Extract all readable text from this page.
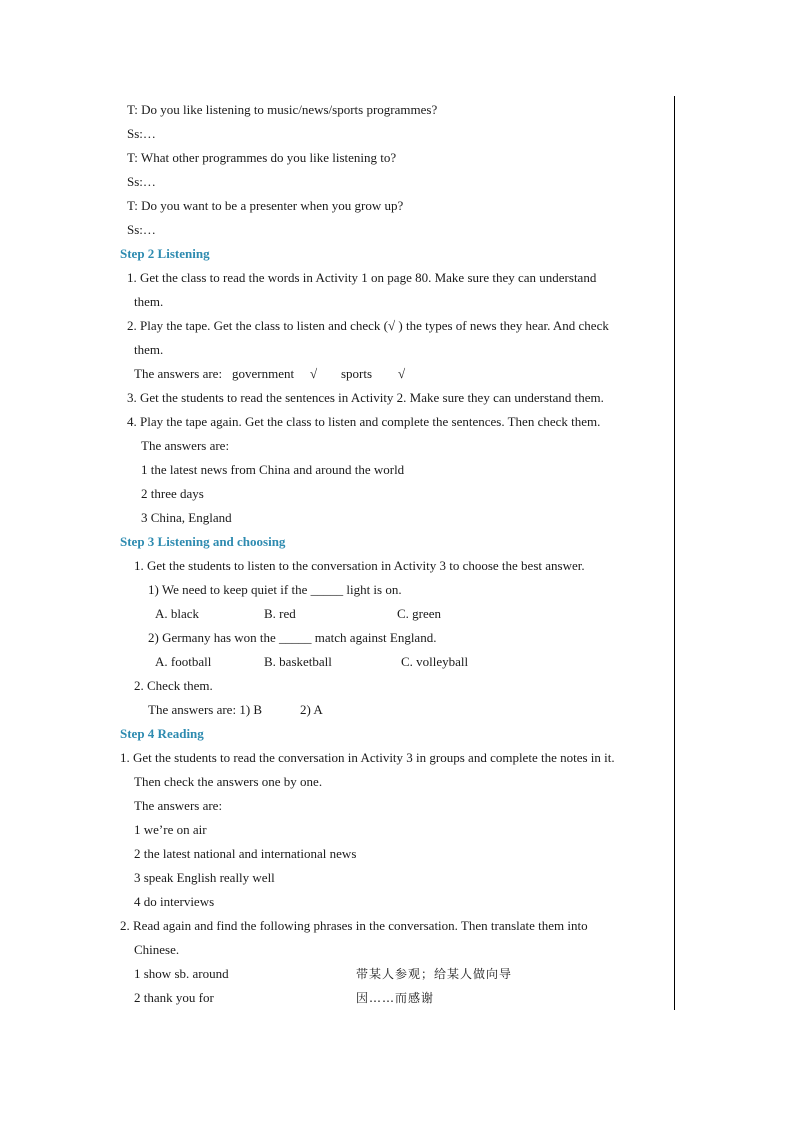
T: Do you like listening to music/news/sports programmes?
Ss:…
T: What other programmes do you like listening to?
Ss:…
T: Do you want to be a presenter when you grow up?
Ss:…
Step 2 Listening
1. Get the class to read the words in Activity 1 on page 80. Make sure they can understand
them.
2. Play the tape. Get the class to listen and check (√ ) the types of news they hear. And check
them.
The answers are: government √ sports √
3. Get the students to read the sentences in Activity 2. Make sure they can understand them.
4. Play the tape again. Get the class to listen and complete the sentences. Then check them.
The answers are:
1 the latest news from China and around the world
2 three days
3 China, England
Step 3 Listening and choosing
1. Get the students to listen to the conversation in Activity 3 to choose the best answer.
1) We need to keep quiet if the _____ light is on.
A. black	B. red	C. green
2) Germany has won the _____ match against England.
A. football	B. basketball	C. volleyball
2. Check them.
The answers are: 1) B	2) A
Step 4 Reading
1. Get the students to read the conversation in Activity 3 in groups and complete the notes in it.
Then check the answers one by one.
The answers are:
1 we’re on air
2 the latest national and international news
3 speak English really well
4 do interviews
2. Read again and find the following phrases in the conversation. Then translate them into
Chinese.
1 show sb. around	带某人参观；给某人做向导
2 thank you for	因……而感谢
